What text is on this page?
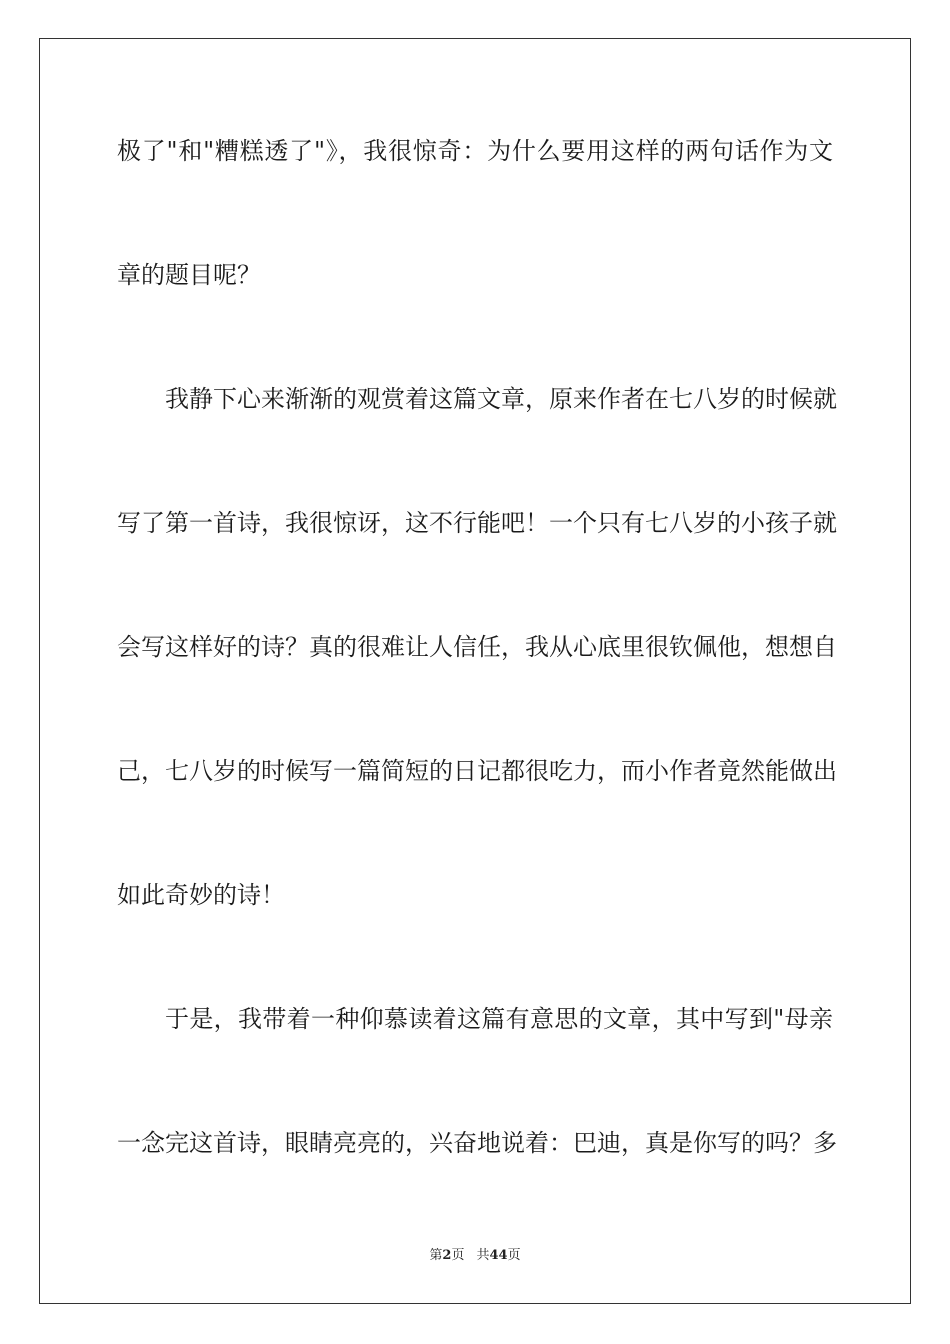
极了"和"糟糕透了"》，我很惊奇：为什么要用这样的两句话作为文
章的题目呢？
我静下心来渐渐的观赏着这篇文章，原来作者在七八岁的时候就
写了第一首诗，我很惊讶，这不行能吧！一个只有七八岁的小孩子就
会写这样好的诗？真的很难让人信任，我从心底里很钦佩他，想想自
己，七八岁的时候写一篇简短的日记都很吃力，而小作者竟然能做出
如此奇妙的诗！
于是，我带着一种仰慕读着这篇有意思的文章，其中写到"母亲
一念完这首诗，眼睛亮亮的，兴奋地说着：巴迪，真是你写的吗？多
第2页 共44页
